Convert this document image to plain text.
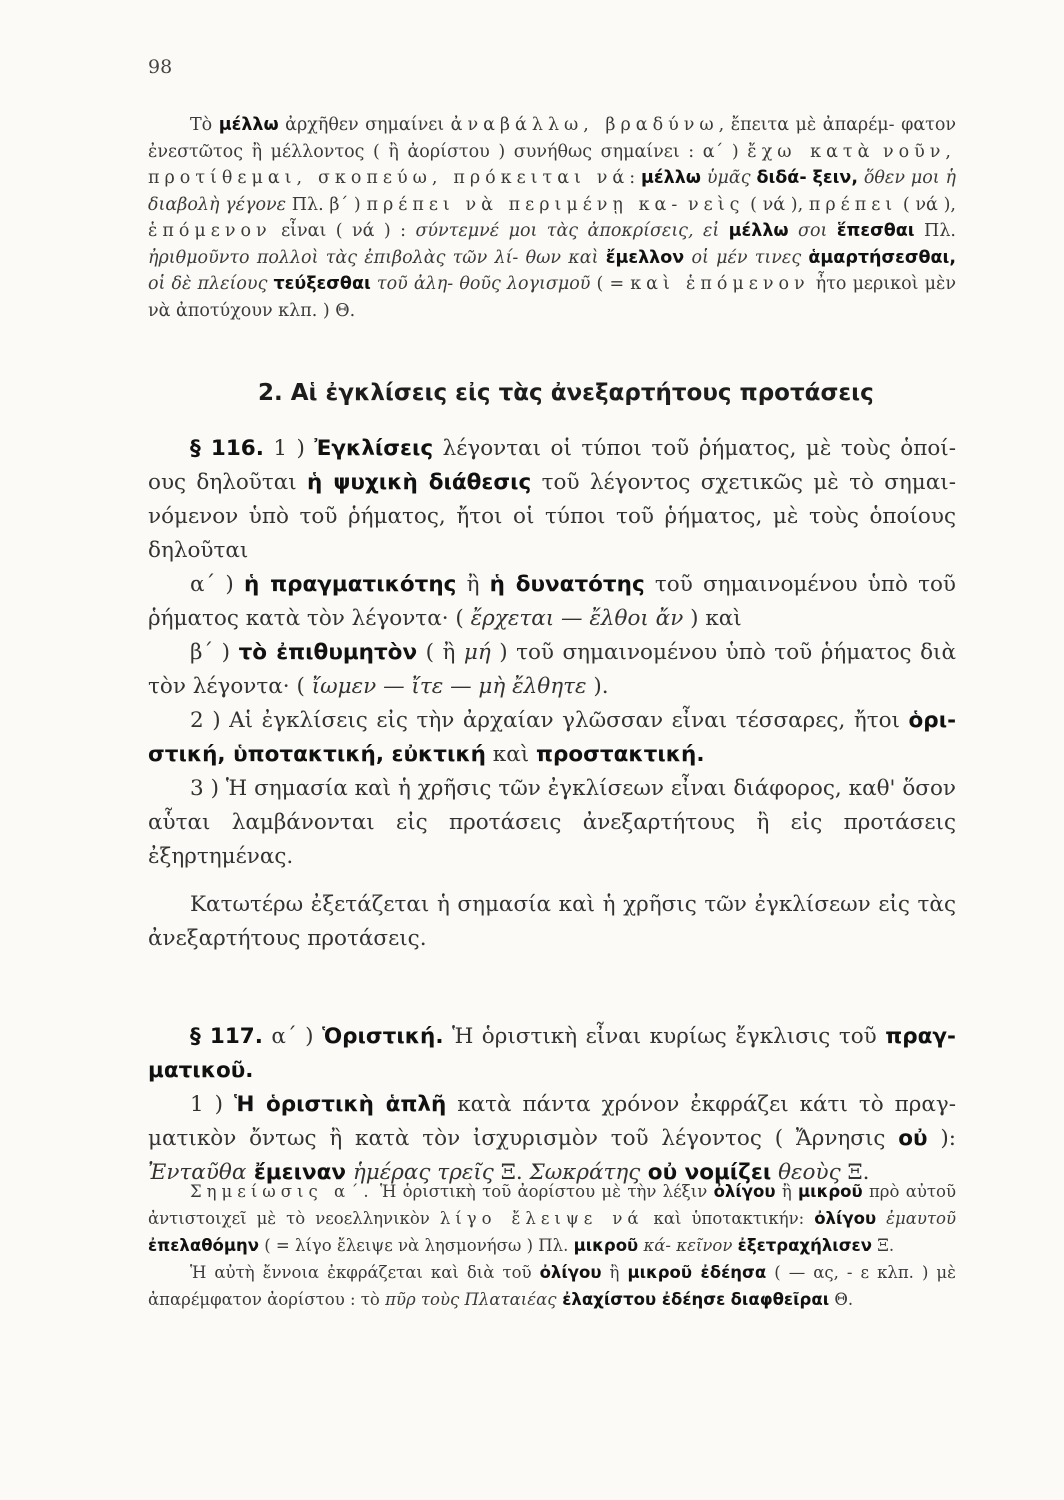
98
Τὸ μέλλω ἀρχῆθεν σημαίνει ἀναβάλλω, βραδύνω, ἔπειτα μὲ ἀπαρέμ- φατον ἐνεστῶτος ἢ μέλλοντος ( ἢ ἀορίστου ) συνήθως σημαίνει : α΄ ) ἔχω κατὰ νοῦν, προτίθεμαι, σκοπεύω, πρόκειται νά: μέλλω ὑμᾶς διδά- ξειν, ὅθεν μοι ἡ διαβολὴ γέγονε Πλ. β΄ ) πρέπει νὰ περιμένῃ κα- νεὶς ( νά ), πρέπει ( νά ), ἑπόμενον εἶναι ( νά ) : σύντεμνέ μοι τὰς ἀποκρίσεις, εἰ μέλλω σοι ἕπεσθαι Πλ. ἠριθμοῦντο πολλοὶ τὰς ἐπιβολὰς τῶν λί- θων καὶ ἔμελλον οἱ μέν τινες ἁμαρτήσεσθαι, οἱ δὲ πλείους τεύξεσθαι τοῦ ἀλη- θοῦς λογισμοῦ ( = καὶ ἑπόμενον ἦτο μερικοὶ μὲν νὰ ἀποτύχουν κλπ. ) Θ.
2. Αἱ ἐγκλίσεις εἰς τὰς ἀνεξαρτήτους προτάσεις

§ 116. 1 ) Ἐγκλίσεις λέγονται οἱ τύποι τοῦ ῥήματος, μὲ τοὺς ὁποί- ους δηλοῦται ἡ ψυχικὴ διάθεσις τοῦ λέγοντος σχετικῶς μὲ τὸ σημαι- νόμενον ὑπὸ τοῦ ῥήματος, ἤτοι οἱ τύποι τοῦ ῥήματος, μὲ τοὺς ὁποίους δηλοῦται

α΄ ) ἡ πραγματικότης ἢ ἡ δυνατότης τοῦ σημαινομένου ὑπὸ τοῦ ῥήματος κατὰ τὸν λέγοντα· ( ἔρχεται — ἔλθοι ἄν ) καὶ

β΄ ) τὸ ἐπιθυμητὸν ( ἢ μή ) τοῦ σημαινομένου ὑπὸ τοῦ ῥήματος διὰ τὸν λέγοντα· ( ἴωμεν — ἴτε — μὴ ἔλθητε ).

2 ) Αἱ ἐγκλίσεις εἰς τὴν ἀρχαίαν γλῶσσαν εἶναι τέσσαρες, ἤτοι ὁρι- στική, ὑποτακτική, εὐκτική καὶ προστακτική.

3 ) Ἡ σημασία καὶ ἡ χρῆσις τῶν ἐγκλίσεων εἶναι διάφορος, καθ' ὅσον αὗται λαμβάνονται εἰς προτάσεις ἀνεξαρτήτους ἢ εἰς προτάσεις ἐξηρτημένας.

Κατωτέρω ἐξετάζεται ἡ σημασία καὶ ἡ χρῆσις τῶν ἐγκλίσεων εἰς τὰς ἀνεξαρτήτους προτάσεις.

§ 117. α΄ ) Ὁριστική. Ἡ ὁριστικὴ εἶναι κυρίως ἔγκλισις τοῦ πραγ- ματικοῦ.

1 ) Ἡ ὁριστικὴ ἁπλῆ κατὰ πάντα χρόνον ἐκφράζει κάτι τὸ πραγ- ματικὸν ὄντως ἢ κατὰ τὸν ἰσχυρισμὸν τοῦ λέγοντος ( Ἄρνησις οὐ ): Ἐνταῦθα ἔμειναν ἡμέρας τρεῖς Ξ. Σωκράτης οὐ νομίζει θεοὺς Ξ.

Σημείωσις α΄. Ἡ ὁριστικὴ τοῦ ἀορίστου μὲ τὴν λέξιν ὀλίγου ἢ μικροῦ πρὸ αὐτοῦ ἀντιστοιχεῖ μὲ τὸ νεοελληνικὸν λίγο ἔλειψε νά καὶ ὑποτακτικήν: ὀλίγου ἐμαυτοῦ ἐπελαθόμην ( = λίγο ἔλειψε νὰ λησμονήσω ) Πλ. μικροῦ κά- κεῖνον ἐξετραχήλισεν Ξ.

Ἡ αὐτὴ ἔννοια ἐκφράζεται καὶ διὰ τοῦ ὀλίγου ἢ μικροῦ ἐδέησα ( — ας, - ε κλπ. ) μὲ ἀπαρέμφατον ἀορίστου : τὸ πῦρ τοὺς Πλαταιέας ἐλαχίστου ἐδέησε διαφθεῖραι Θ.
